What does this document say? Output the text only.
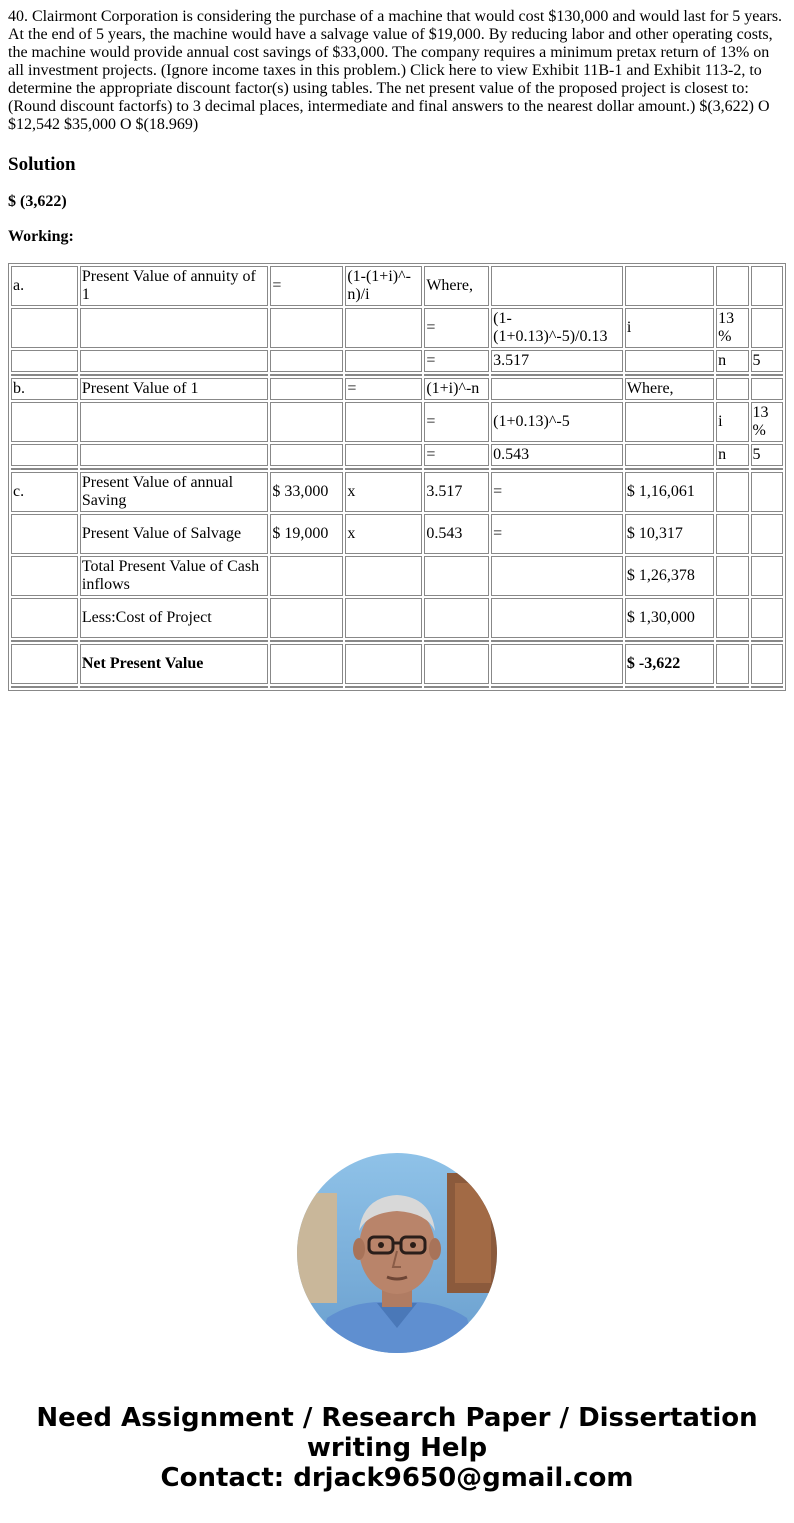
40. Clairmont Corporation is considering the purchase of a machine that would cost $130,000 and would last for 5 years. At the end of 5 years, the machine would have a salvage value of $19,000. By reducing labor and other operating costs, the machine would provide annual cost savings of $33,000. The company requires a minimum pretax return of 13% on all investment projects. (Ignore income taxes in this problem.) Click here to view Exhibit 11B-1 and Exhibit 113-2, to determine the appropriate discount factor(s) using tables. The net present value of the proposed project is closest to: (Round discount factorfs) to 3 decimal places, intermediate and final answers to the nearest dollar amount.) $(3,622) O $12,542 $35,000 O $(18.969)

Solution

$ (3,622)

Working:

a.	Present Value of annuity of 1	=	(1-(1+i)^-n)/i	Where,				
				=	(1-(1+0.13)^-5)/0.13	i	13%	
				=	3.517		n	5

b.	Present Value of 1		=	(1+i)^-n		Where,		
				=	(1+0.13)^-5		i	13%
				=	0.543		n	5

c.	Present Value of annual Saving	$ 33,000	x	3.517	=	$ 1,16,061		
	Present Value of Salvage	$ 19,000	x	0.543	=	$ 10,317		
	Total Present Value of Cash inflows					$ 1,26,378		
	Less:Cost of Project					$ 1,30,000		

	Net Present Value					$ -3,622		

Need Assignment / Research Paper / Dissertation
writing Help
Contact: drjack9650@gmail.com
